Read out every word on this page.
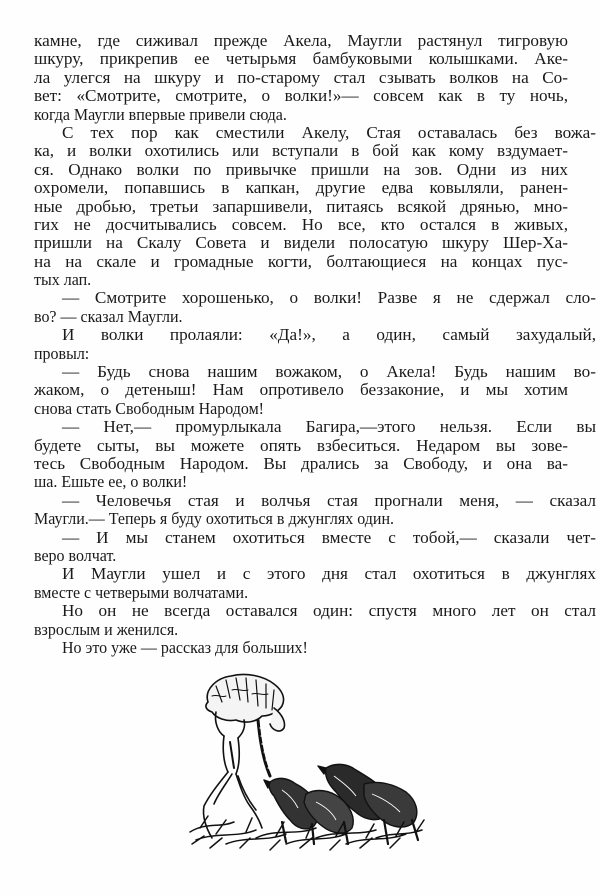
камне, где сиживал прежде Акела, Маугли растянул тигровую
шкуру, прикрепив ее четырьмя бамбуковыми колышками. Аке-
ла улегся на шкуру и по-старому стал сзывать волков на Со-
вет: «Смотрите, смотрите, о волки!»— совсем как в ту ночь,
когда Маугли впервые привели сюда.
С тех пор как сместили Акелу, Стая оставалась без вожа-
ка, и волки охотились или вступали в бой как кому вздумает-
ся. Однако волки по привычке пришли на зов. Одни из них
охромели, попавшись в капкан, другие едва ковыляли, ранен-
ные дробью, третьи запаршивели, питаясь всякой дрянью, мно-
гих не досчитывались совсем. Но все, кто остался в живых,
пришли на Скалу Совета и видели полосатую шкуру Шер-Ха-
на на скале и громадные когти, болтающиеся на концах пус-
тых лап.
— Смотрите хорошенько, о волки! Разве я не сдержал сло-
во? — сказал Маугли.
И волки пролаяли: «Да!», а один, самый захудалый,
провыл:
— Будь снова нашим вожаком, о Акела! Будь нашим во-
жаком, о детеныш! Нам опротивело беззаконие, и мы хотим
снова стать Свободным Народом!
— Нет,— промурлыкала Багира,—этого нельзя. Если вы
будете сыты, вы можете опять взбеситься. Недаром вы зове-
тесь Свободным Народом. Вы дрались за Свободу, и она ва-
ша. Ешьте ее, о волки!
— Человечья стая и волчья стая прогнали меня, — сказал
Маугли.— Теперь я буду охотиться в джунглях один.
— И мы станем охотиться вместе с тобой,— сказали чет-
веро волчат.
И Маугли ушел и с этого дня стал охотиться в джунглях
вместе с четверыми волчатами.
Но он не всегда оставался один: спустя много лет он стал
взрослым и женился.
Но это уже — рассказ для больших!
